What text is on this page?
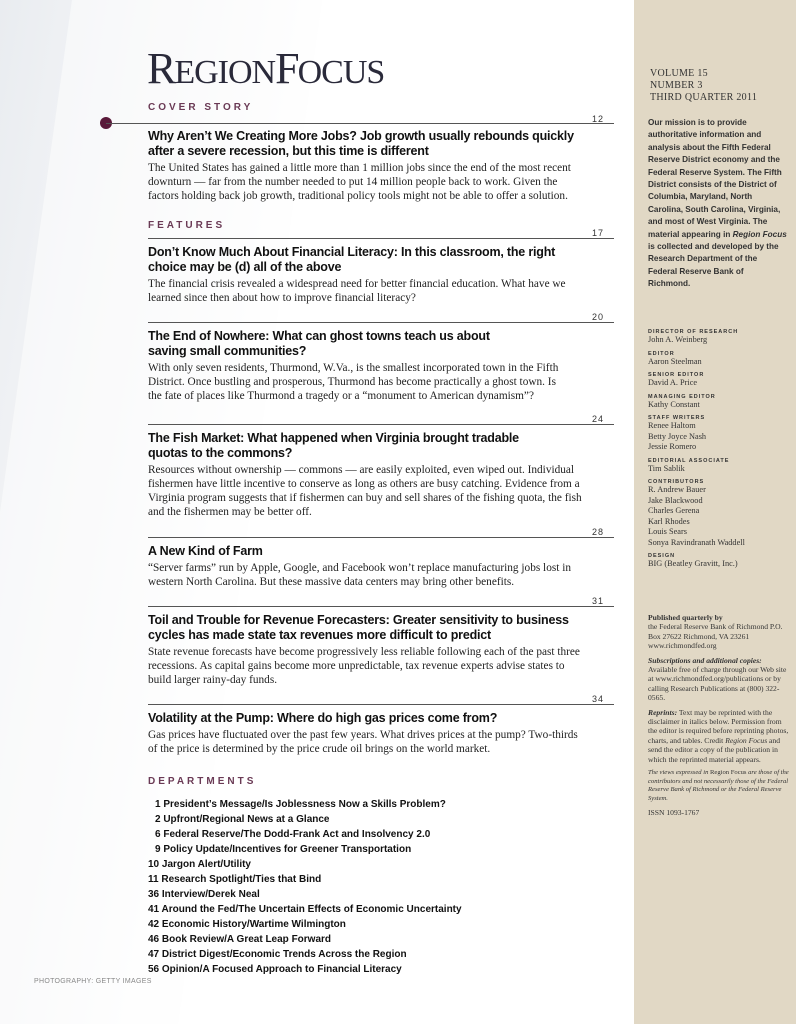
REGIONFOCUS
COVER STORY
12
Why Aren’t We Creating More Jobs? Job growth usually rebounds quickly after a severe recession, but this time is different

The United States has gained a little more than 1 million jobs since the end of the most recent downturn — far from the number needed to put 14 million people back to work. Given the factors holding back job growth, traditional policy tools might not be able to offer a solution.

FEATURES
17
Don’t Know Much About Financial Literacy: In this classroom, the right choice may be (d) all of the above

The financial crisis revealed a widespread need for better financial education. What have we learned since then about how to improve financial literacy?

20
The End of Nowhere: What can ghost towns teach us about saving small communities?

With only seven residents, Thurmond, W.Va., is the smallest incorporated town in the Fifth District. Once bustling and prosperous, Thurmond has become practically a ghost town. Is the fate of places like Thurmond a tragedy or a “monument to American dynamism”?

24
The Fish Market: What happened when Virginia brought tradable quotas to the commons?

Resources without ownership — commons — are easily exploited, even wiped out. Individual fishermen have little incentive to conserve as long as others are busy catching. Evidence from a Virginia program suggests that if fishermen can buy and sell shares of the fishing quota, the fish and the fishermen may be better off.

28
A New Kind of Farm

“Server farms” run by Apple, Google, and Facebook won’t replace manufacturing jobs lost in western North Carolina. But these massive data centers may bring other benefits.

31
Toil and Trouble for Revenue Forecasters: Greater sensitivity to business cycles has made state tax revenues more difficult to predict

State revenue forecasts have become progressively less reliable following each of the past three recessions. As capital gains become more unpredictable, tax revenue experts advise states to build larger rainy-day funds.

34
Volatility at the Pump: Where do high gas prices come from?

Gas prices have fluctuated over the past few years. What drives prices at the pump? Two-thirds of the price is determined by the price crude oil brings on the world market.

DEPARTMENTS
1 President’s Message/Is Joblessness Now a Skills Problem?
2 Upfront/Regional News at a Glance
6 Federal Reserve/The Dodd-Frank Act and Insolvency 2.0
9 Policy Update/Incentives for Greener Transportation
10 Jargon Alert/Utility
11 Research Spotlight/Ties that Bind
36 Interview/Derek Neal
41 Around the Fed/The Uncertain Effects of Economic Uncertainty
42 Economic History/Wartime Wilmington
46 Book Review/A Great Leap Forward
47 District Digest/Economic Trends Across the Region
56 Opinion/A Focused Approach to Financial Literacy
PHOTOGRAPHY: GETTY IMAGES
VOLUME 15
NUMBER 3
THIRD QUARTER 2011
Our mission is to provide authoritative information and analysis about the Fifth Federal Reserve District economy and the Federal Reserve System. The Fifth District consists of the District of Columbia, Maryland, North Carolina, South Carolina, Virginia, and most of West Virginia. The material appearing in Region Focus is collected and developed by the Research Department of the Federal Reserve Bank of Richmond.
DIRECTOR OF RESEARCH
John A. Weinberg
EDITOR
Aaron Steelman
SENIOR EDITOR
David A. Price
MANAGING EDITOR
Kathy Constant
STAFF WRITERS
Renee Haltom
Betty Joyce Nash
Jessie Romero
EDITORIAL ASSOCIATE
Tim Sablik
CONTRIBUTORS
R. Andrew Bauer
Jake Blackwood
Charles Gerena
Karl Rhodes
Louis Sears
Sonya Ravindranath Waddell
DESIGN
BIG (Beatley Gravitt, Inc.)

Published quarterly by
the Federal Reserve Bank of Richmond P.O. Box 27622 Richmond, VA 23261 www.richmondfed.org

Subscriptions and additional copies: Available free of charge through our Web site at www.richmondfed.org/publications or by calling Research Publications at (800) 322-0565.

Reprints: Text may be reprinted with the disclaimer in italics below. Permission from the editor is required before reprinting photos, charts, and tables. Credit Region Focus and send the editor a copy of the publication in which the reprinted material appears.

The views expressed in Region Focus are those of the contributors and not necessarily those of the Federal Reserve Bank of Richmond or the Federal Reserve System.

ISSN 1093-1767
